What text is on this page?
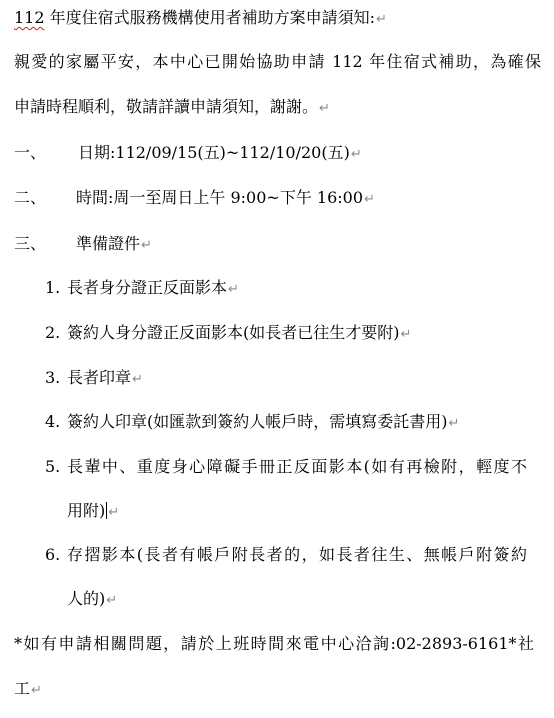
112 年度住宿式服務機構使用者補助方案申請須知:↵
親愛的家屬平安，本中心已開始協助申請 112 年住宿式補助，為確保
申請時程順利，敬請詳讀申請須知，謝謝。↵
一、 日期:112/09/15(五)~112/10/20(五)↵
二、 時間:周一至周日上午 9:00~下午 16:00↵
三、 準備證件↵
1. 長者身分證正反面影本↵
2. 簽約人身分證正反面影本(如長者已往生才要附)↵
3. 長者印章↵
4. 簽約人印章(如匯款到簽約人帳戶時，需填寫委託書用)↵
5. 長輩中、重度身心障礙手冊正反面影本(如有再檢附，輕度不
用附) ↵
6. 存摺影本(長者有帳戶附長者的，如長者往生、無帳戶附簽約
人的)↵
*如有申請相關問題，請於上班時間來電中心洽詢:02-2893-6161*社
工↵
